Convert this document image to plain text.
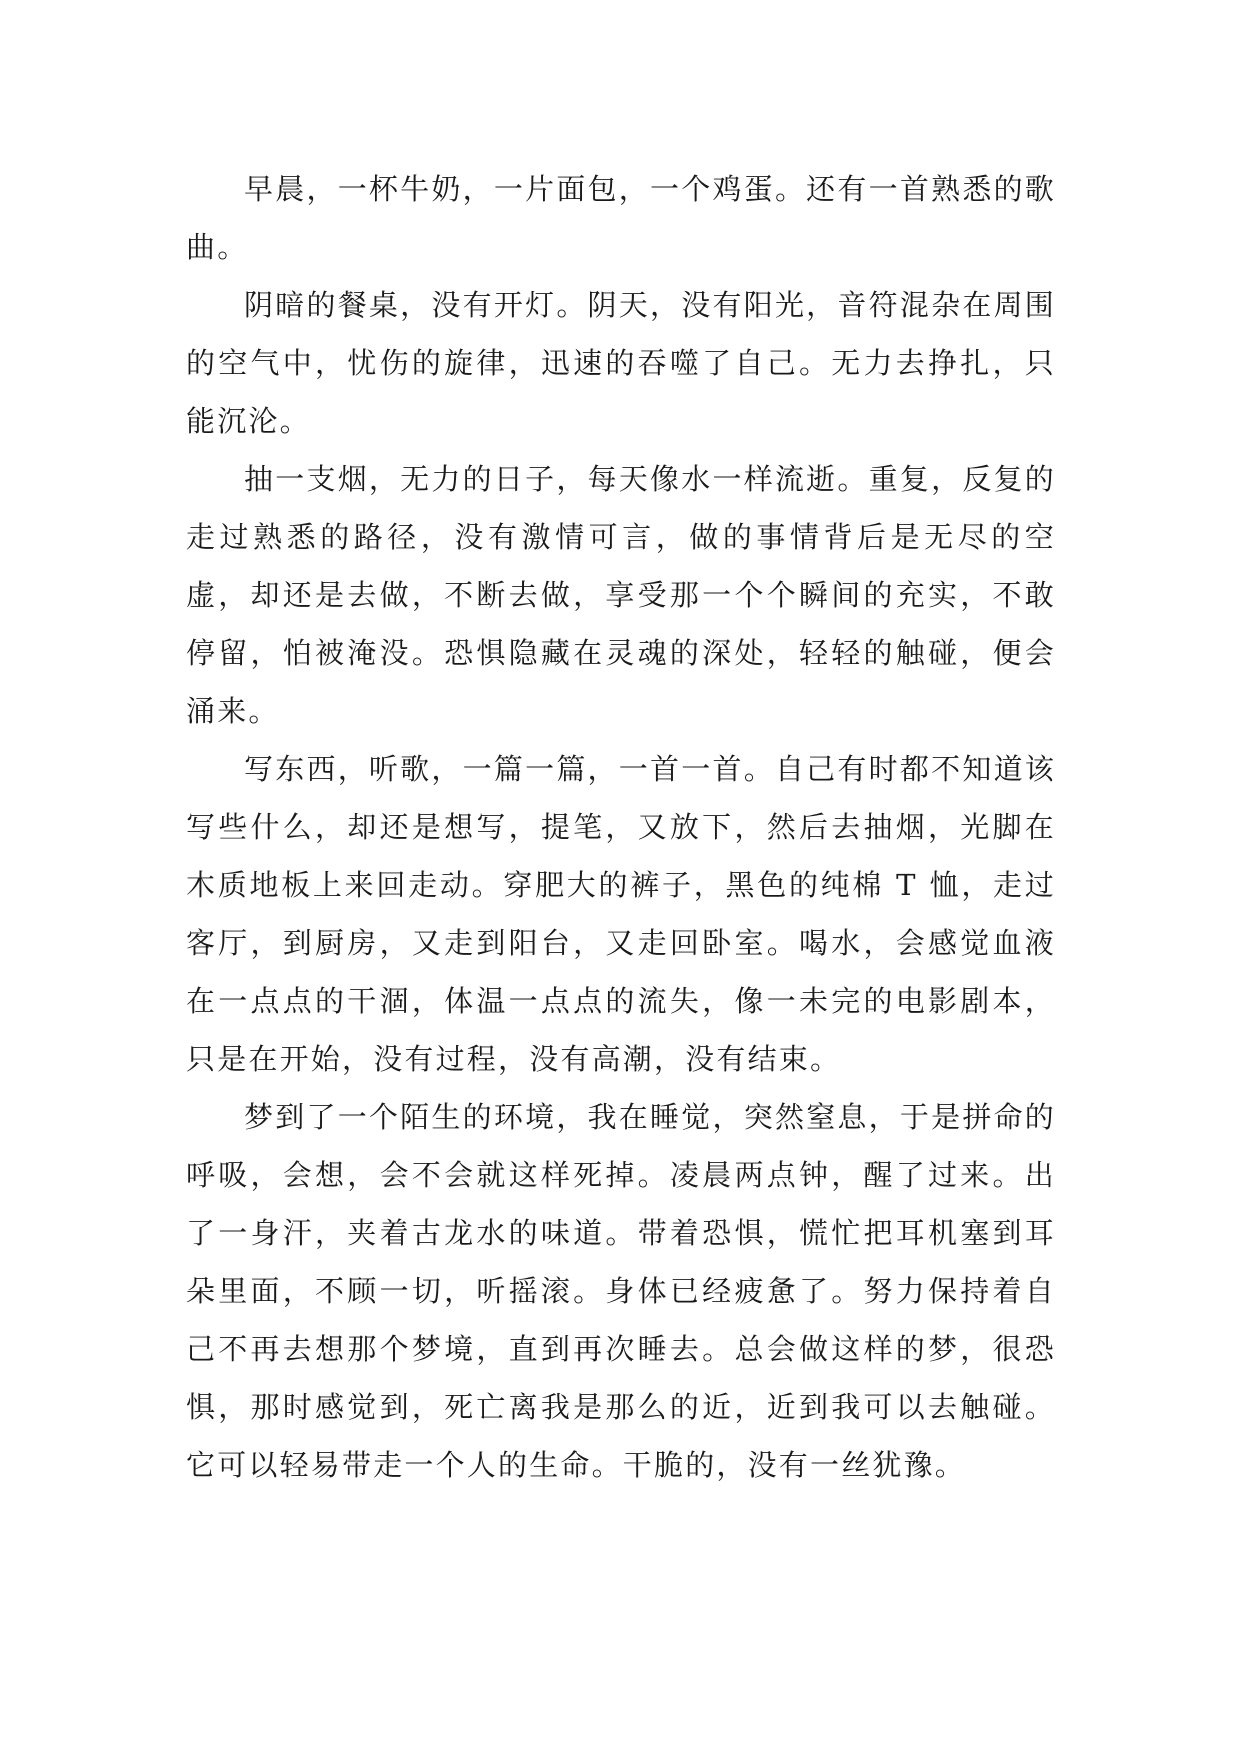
早晨，一杯牛奶，一片面包，一个鸡蛋。还有一首熟悉的歌曲。

阴暗的餐桌，没有开灯。阴天，没有阳光，音符混杂在周围的空气中，忧伤的旋律，迅速的吞噬了自己。无力去挣扎，只能沉沦。

抽一支烟，无力的日子，每天像水一样流逝。重复，反复的走过熟悉的路径，没有激情可言，做的事情背后是无尽的空虚，却还是去做，不断去做，享受那一个个瞬间的充实，不敢停留，怕被淹没。恐惧隐藏在灵魂的深处，轻轻的触碰，便会涌来。

写东西，听歌，一篇一篇，一首一首。自己有时都不知道该写些什么，却还是想写，提笔，又放下，然后去抽烟，光脚在木质地板上来回走动。穿肥大的裤子，黑色的纯棉 T 恤，走过客厅，到厨房，又走到阳台，又走回卧室。喝水，会感觉血液在一点点的干涸，体温一点点的流失，像一未完的电影剧本，只是在开始，没有过程，没有高潮，没有结束。

梦到了一个陌生的环境，我在睡觉，突然窒息，于是拼命的呼吸，会想，会不会就这样死掉。凌晨两点钟，醒了过来。出了一身汗，夹着古龙水的味道。带着恐惧，慌忙把耳机塞到耳朵里面，不顾一切，听摇滚。身体已经疲惫了。努力保持着自己不再去想那个梦境，直到再次睡去。总会做这样的梦，很恐惧，那时感觉到，死亡离我是那么的近，近到我可以去触碰。它可以轻易带走一个人的生命。干脆的，没有一丝犹豫。
